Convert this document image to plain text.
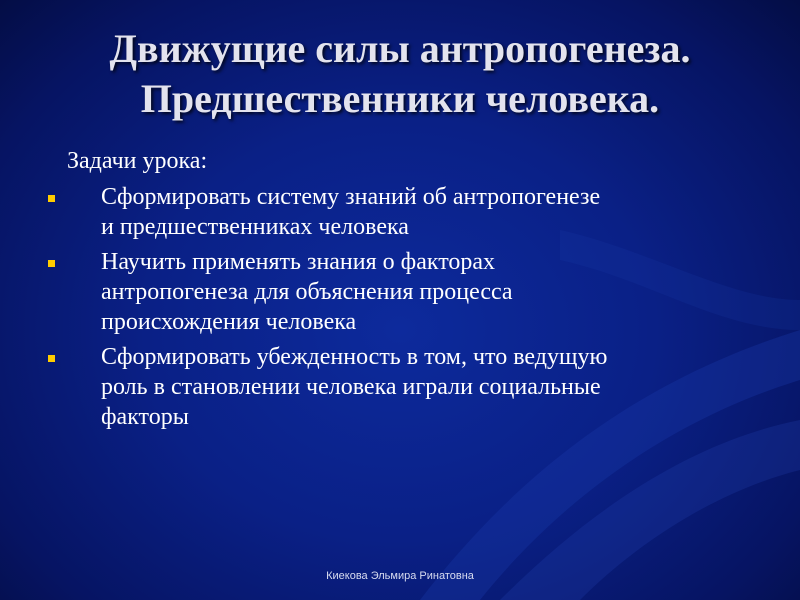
Движущие силы антропогенеза.
Предшественники человека.
Задачи урока:
Сформировать систему знаний об антропогенезе
и предшественниках человека
Научить применять знания о факторах
антропогенеза для объяснения процесса
происхождения человека
Сформировать убежденность в том, что ведущую
роль в становлении человека играли социальные
факторы
Киекова Эльмира Ринатовна
